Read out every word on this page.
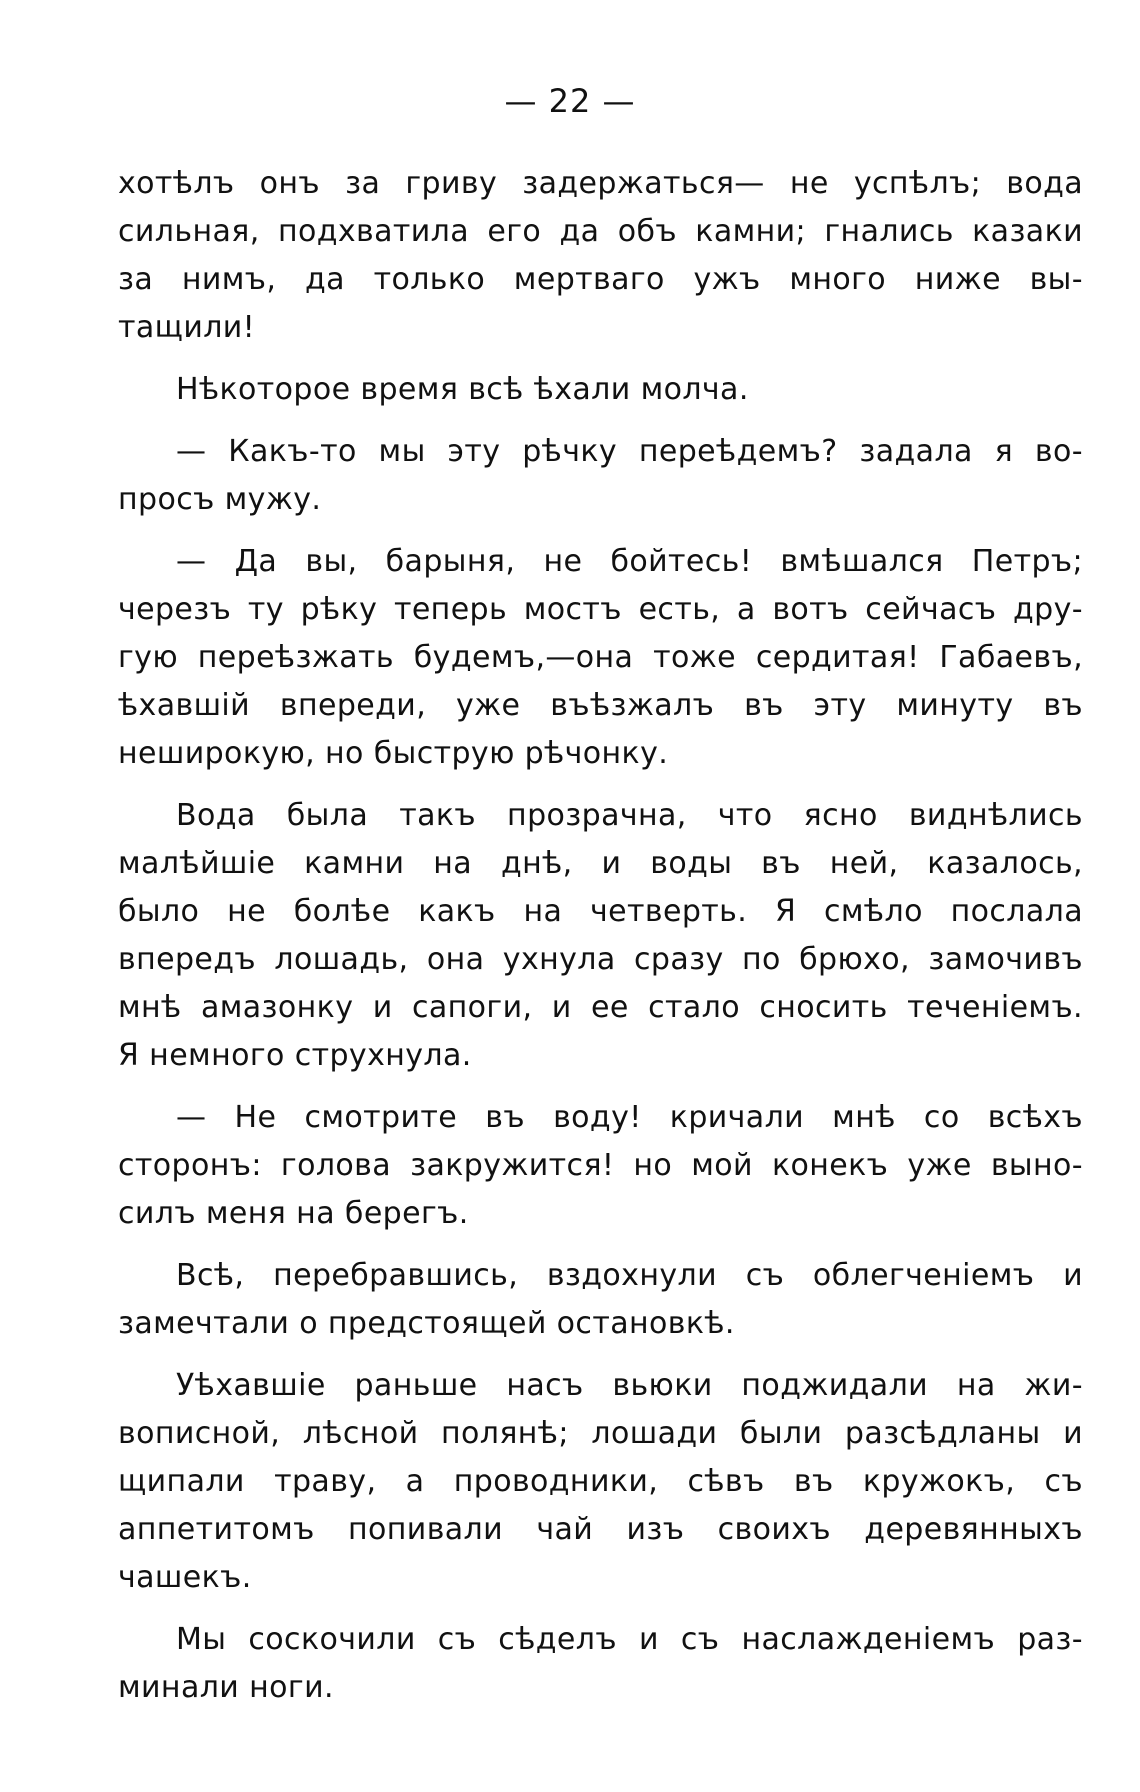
— 22 —
хотѣлъ онъ за гриву задержаться— не успѣлъ; вода
сильная, подхватила его да объ камни; гнались казаки
за нимъ, да только мертваго ужъ много ниже вы-
тащили!
Нѣкоторое время всѣ ѣхали молча.
— Какъ-то мы эту рѣчку переѣдемъ? задала я во-
просъ мужу.
— Да вы, барыня, не бойтесь! вмѣшался Петръ;
черезъ ту рѣку теперь мостъ есть, а вотъ сейчасъ дру-
гую переѣзжать будемъ,—она тоже сердитая! Габаевъ,
ѣхавшій впереди, уже въѣзжалъ въ эту минуту въ
неширокую, но быструю рѣчонку.
Вода была такъ прозрачна, что ясно виднѣлись
малѣйшіе камни на днѣ, и воды въ ней, казалось,
было не болѣе какъ на четверть. Я смѣло послала
впередъ лошадь, она ухнула сразу по брюхо, замочивъ
мнѣ амазонку и сапоги, и ее стало сносить теченіемъ.
Я немного струхнула.
— Не смотрите въ воду! кричали мнѣ со всѣхъ
сторонъ: голова закружится! но мой конекъ уже выно-
силъ меня на берегъ.
Всѣ, перебравшись, вздохнули съ облегченіемъ и
замечтали о предстоящей остановкѣ.
Уѣхавшіе раньше насъ вьюки поджидали на жи-
вописной, лѣсной полянѣ; лошади были разсѣдланы и
щипали траву, а проводники, сѣвъ въ кружокъ, съ
аппетитомъ попивали чай изъ своихъ деревянныхъ
чашекъ.
Мы соскочили съ сѣделъ и съ наслажденіемъ раз-
минали ноги.
